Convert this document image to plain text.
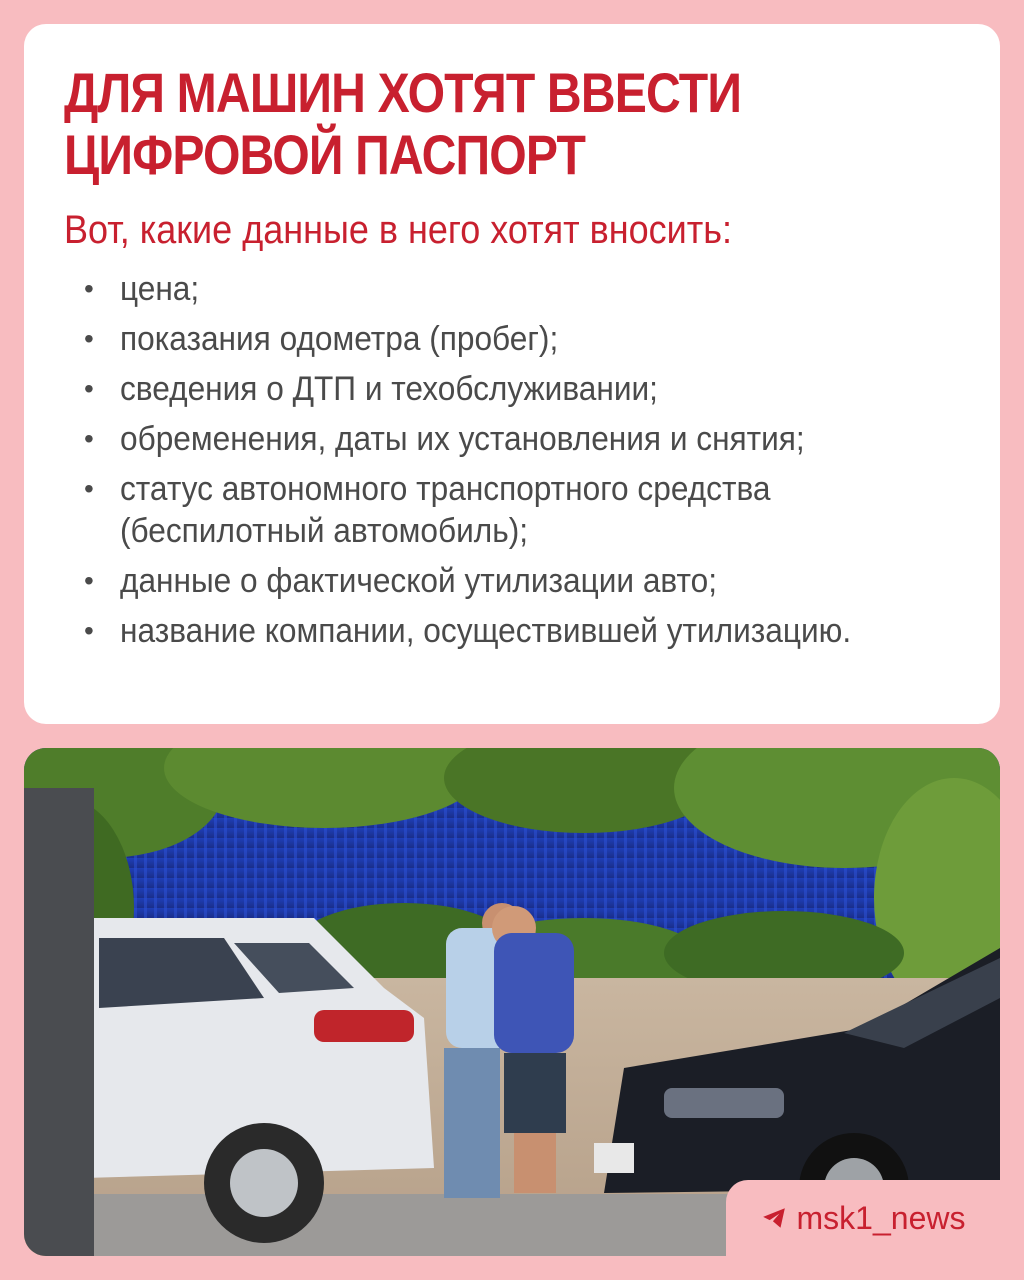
ДЛЯ МАШИН ХОТЯТ ВВЕСТИ
ЦИФРОВОЙ ПАСПОРТ
Вот, какие данные в него хотят вносить:
• цена;
• показания одометра (пробег);
• сведения о ДТП и техобслуживании;
• обременения, даты их установления и снятия;
• статус автономного транспортного средства (беспилотный автомобиль);
• данные о фактической утилизации авто;
• название компании, осуществившей утилизацию.
msk1_news
